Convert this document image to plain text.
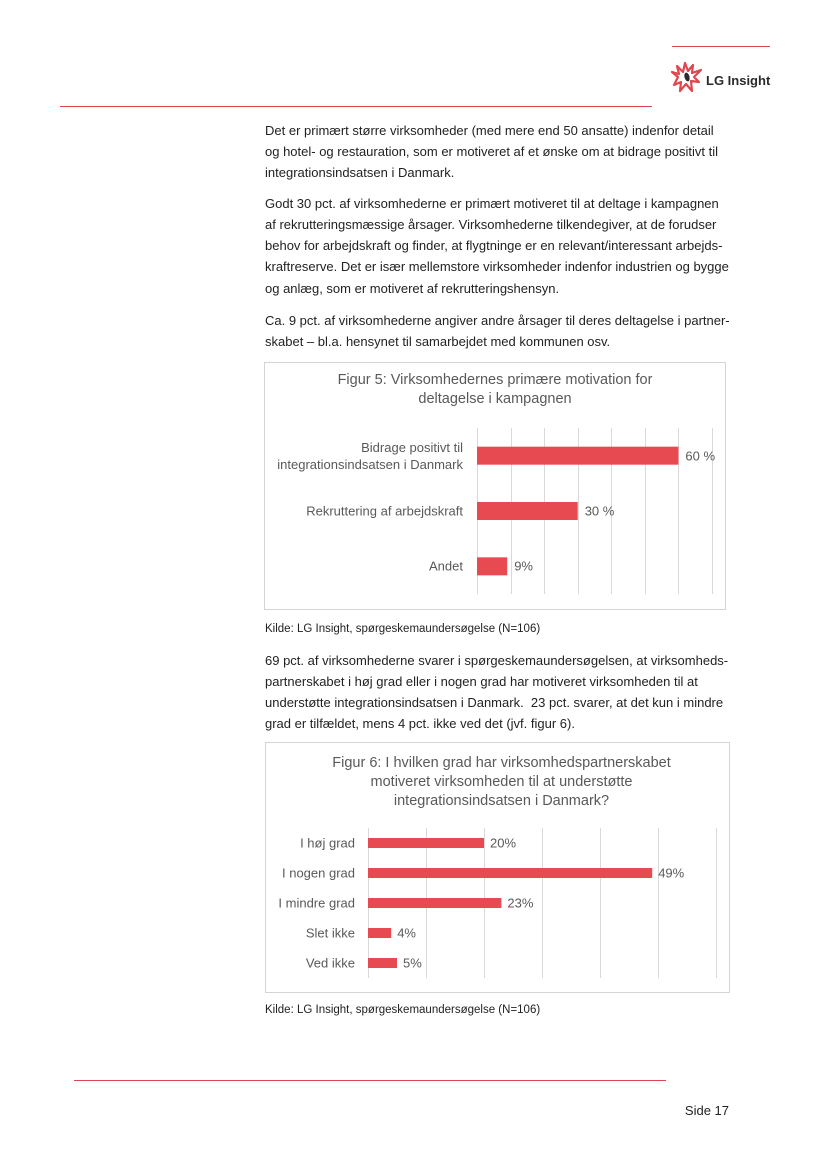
LG Insight
Det er primært større virksomheder (med mere end 50 ansatte) indenfor detail
og hotel- og restauration, som er motiveret af et ønske om at bidrage positivt til
integrationsindsatsen i Danmark.
Godt 30 pct. af virksomhederne er primært motiveret til at deltage i kampagnen
af rekrutteringsmæssige årsager. Virksomhederne tilkendegiver, at de forudser
behov for arbejdskraft og finder, at flygtninge er en relevant/interessant arbejds-
kraftreserve. Det er især mellemstore virksomheder indenfor industrien og bygge
og anlæg, som er motiveret af rekrutteringshensyn.
Ca. 9 pct. af virksomhederne angiver andre årsager til deres deltagelse i partner-
skabet – bl.a. hensynet til samarbejdet med kommunen osv.
Figur 5: Virksomhedernes primære motivation for
deltagelse i kampagnen
Bidrage positivt til
integrationsindsatsen i Danmark
60 %
Rekruttering af arbejdskraft	30 %
Andet	9%
Kilde: LG Insight, spørgeskemaundersøgelse (N=106)
69 pct. af virksomhederne svarer i spørgeskemaundersøgelsen, at virksomheds-
partnerskabet i høj grad eller i nogen grad har motiveret virksomheden til at
understøtte integrationsindsatsen i Danmark.  23 pct. svarer, at det kun i mindre
grad er tilfældet, mens 4 pct. ikke ved det (jvf. figur 6).
Figur 6: I hvilken grad har virksomhedspartnerskabet
motiveret virksomheden til at understøtte
integrationsindsatsen i Danmark?
I høj grad	20%
I nogen grad	49%
I mindre grad	23%
Slet ikke	4%
Ved ikke	5%
Kilde: LG Insight, spørgeskemaundersøgelse (N=106)
Side 17
